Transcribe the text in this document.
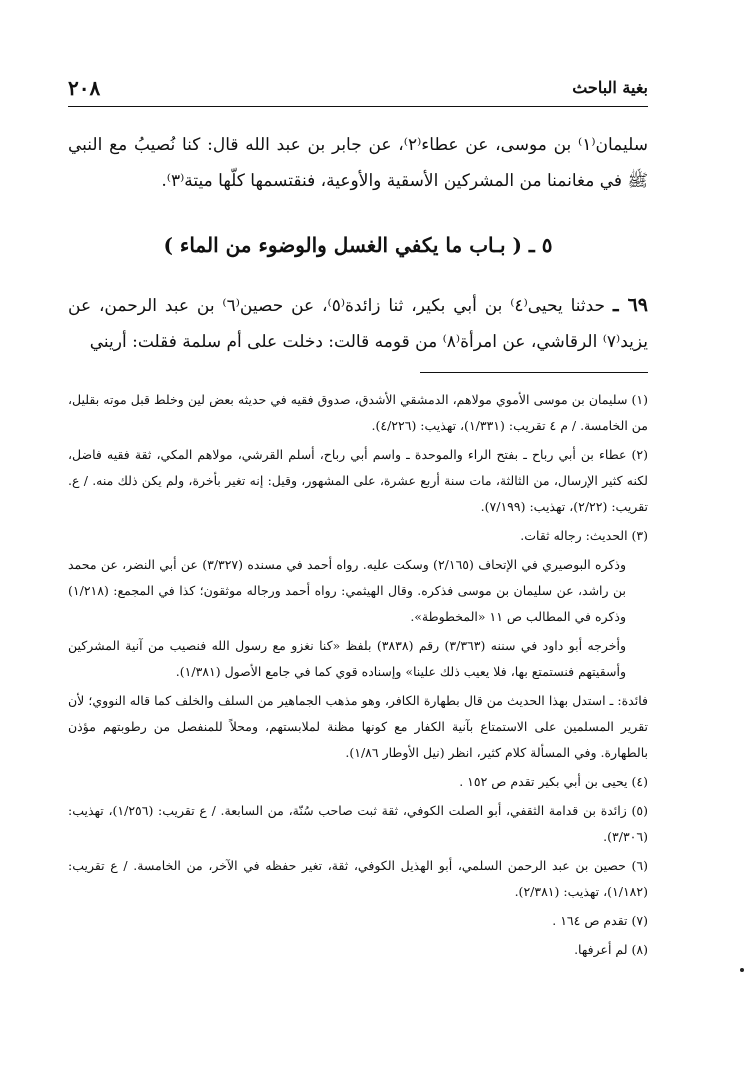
بغية الباحث
٢٠٨

سليمان⁽١⁾ بن موسى، عن عطاء⁽٢⁾، عن جابر بن عبد الله قال: كنا نُصيبُ مع النبي ﷺ في مغانمنا من المشركين الأسقية والأوعية، فنقتسمها كلّها ميتة⁽٣⁾.

٥ ـ ( بـاب ما يكفي الغسل والوضوء من الماء )

٦٩ ـ حدثنا يحيى⁽٤⁾ بن أبي بكير، ثنا زائدة⁽٥⁾، عن حصين⁽٦⁾ بن عبد الرحمن، عن يزيد⁽٧⁾ الرقاشي، عن امرأة⁽٨⁾ من قومه قالت: دخلت على أم سلمة فقلت: أريني

(١) سليمان بن موسى الأموي مولاهم، الدمشقي الأشدق، صدوق فقيه في حديثه بعض لين وخلط قبل موته بقليل، من الخامسة. / م ٤ تقريب: (١/٣٣١)، تهذيب: (٤/٢٢٦).

(٢) عطاء بن أبي رباح ـ بفتح الراء والموحدة ـ واسم أبي رباح، أسلم القرشي، مولاهم المكي، ثقة فقيه فاضل، لكنه كثير الإرسال، من الثالثة، مات سنة أربع عشرة، على المشهور، وقيل: إنه تغير بأخرة، ولم يكن ذلك منه. / ع. تقريب: (٢/٢٢)، تهذيب: (٧/١٩٩).

(٣) الحديث: رجاله ثقات.

وذكره البوصيري في الإتحاف (٢/١٦٥) وسكت عليه. رواه أحمد في مسنده (٣/٣٢٧) عن أبي النضر، عن محمد بن راشد، عن سليمان بن موسى فذكره. وقال الهيثمي: رواه أحمد ورجاله موثقون؛ كذا في المجمع: (١/٢١٨) وذكره في المطالب ص ١١ «المخطوطة».

وأخرجه أبو داود في سننه (٣/٣٦٣) رقم (٣٨٣٨) بلفظ «كنا نغزو مع رسول الله فنصيب من آنية المشركين وأسقيتهم فنستمتع بها، فلا يعيب ذلك علينا» وإسناده قوي كما في جامع الأصول (١/٣٨١).

فائدة: ـ استدل بهذا الحديث من قال بطهارة الكافر، وهو مذهب الجماهير من السلف والخلف كما قاله النووي؛ لأن تقرير المسلمين على الاستمتاع بآنية الكفار مع كونها مظنة لملابستهم، ومحلاً للمنفصل من رطوبتهم مؤذن بالطهارة. وفي المسألة كلام كثير، انظر (نيل الأوطار ١/٨٦).

(٤) يحيى بن أبي بكير تقدم ص ١٥٢ .

(٥) زائدة بن قدامة الثقفي، أبو الصلت الكوفي، ثقة ثبت صاحب سُنّة، من السابعة. / ع تقريب: (١/٢٥٦)، تهذيب: (٣/٣٠٦).

(٦) حصين بن عبد الرحمن السلمي، أبو الهذيل الكوفي، ثقة، تغير حفظه في الآخر، من الخامسة. / ع تقريب: (١/١٨٢)، تهذيب: (٢/٣٨١).

(٧) تقدم ص ١٦٤ .

(٨) لم أعرفها.
